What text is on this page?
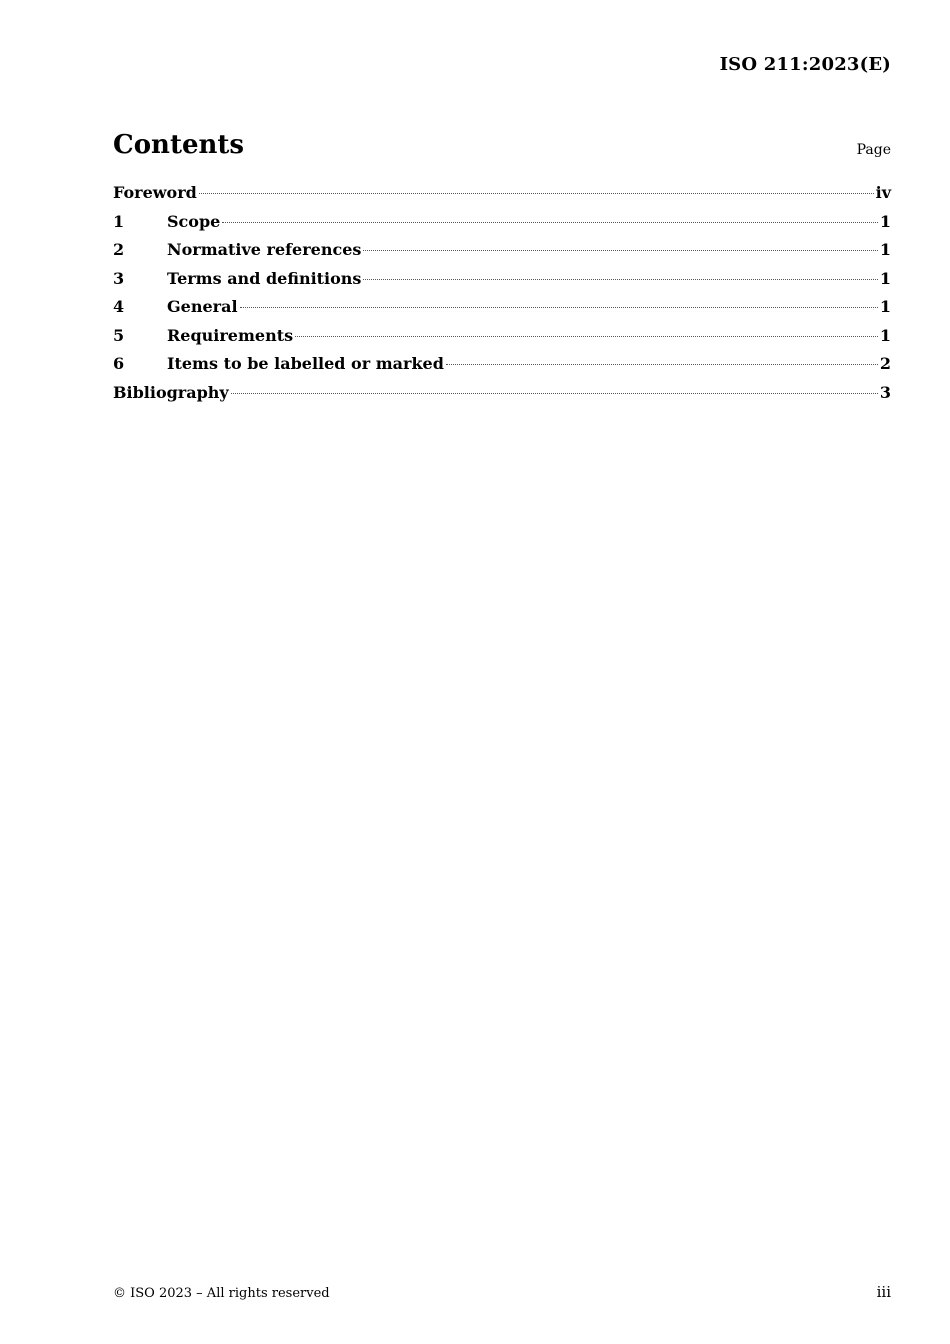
ISO 211:2023(E)
Contents	Page
Foreword	iv
1	Scope	1
2	Normative references	1
3	Terms and definitions	1
4	General	1
5	Requirements	1
6	Items to be labelled or marked	2
Bibliography	3
© ISO 2023 – All rights reserved	iii
